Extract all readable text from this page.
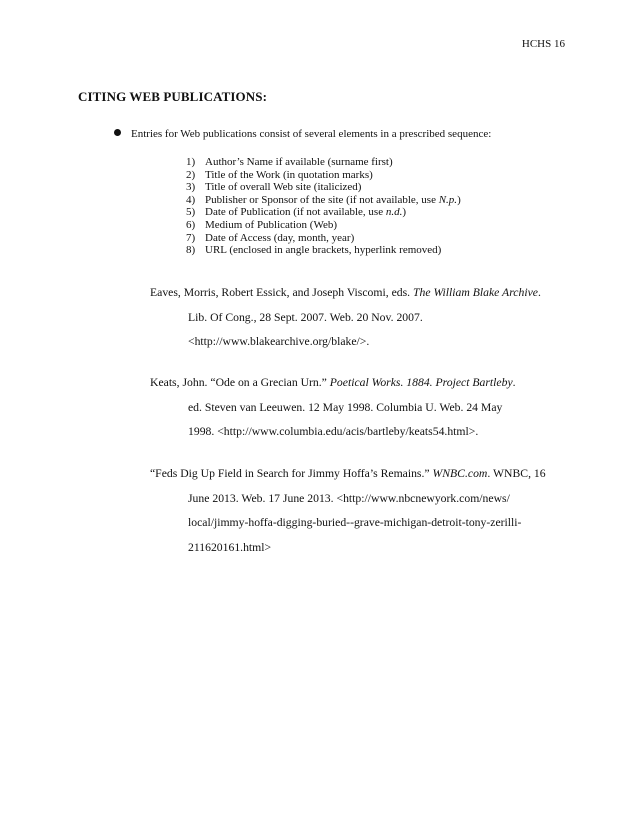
HCHS 16
CITING WEB PUBLICATIONS:
Entries for Web publications consist of several elements in a prescribed sequence:
1) Author’s Name if available (surname first)
2) Title of the Work (in quotation marks)
3) Title of overall Web site (italicized)
4) Publisher or Sponsor of the site (if not available, use N.p.)
5) Date of Publication (if not available, use n.d.)
6) Medium of Publication (Web)
7) Date of Access (day, month, year)
8) URL (enclosed in angle brackets, hyperlink removed)
Eaves, Morris, Robert Essick, and Joseph Viscomi, eds. The William Blake Archive.
Lib. Of Cong., 28 Sept. 2007. Web. 20 Nov. 2007.
<http://www.blakearchive.org/blake/>.
Keats, John. “Ode on a Grecian Urn.” Poetical Works. 1884. Project Bartleby.
ed. Steven van Leeuwen. 12 May 1998. Columbia U. Web. 24 May
1998. <http://www.columbia.edu/acis/bartleby/keats54.html>.
“Feds Dig Up Field in Search for Jimmy Hoffa’s Remains.” WNBC.com. WNBC, 16
June 2013. Web. 17 June 2013. <http://www.nbcnewyork.com/news/
local/jimmy-hoffa-digging-buried--grave-michigan-detroit-tony-zerilli-
211620161.html>
